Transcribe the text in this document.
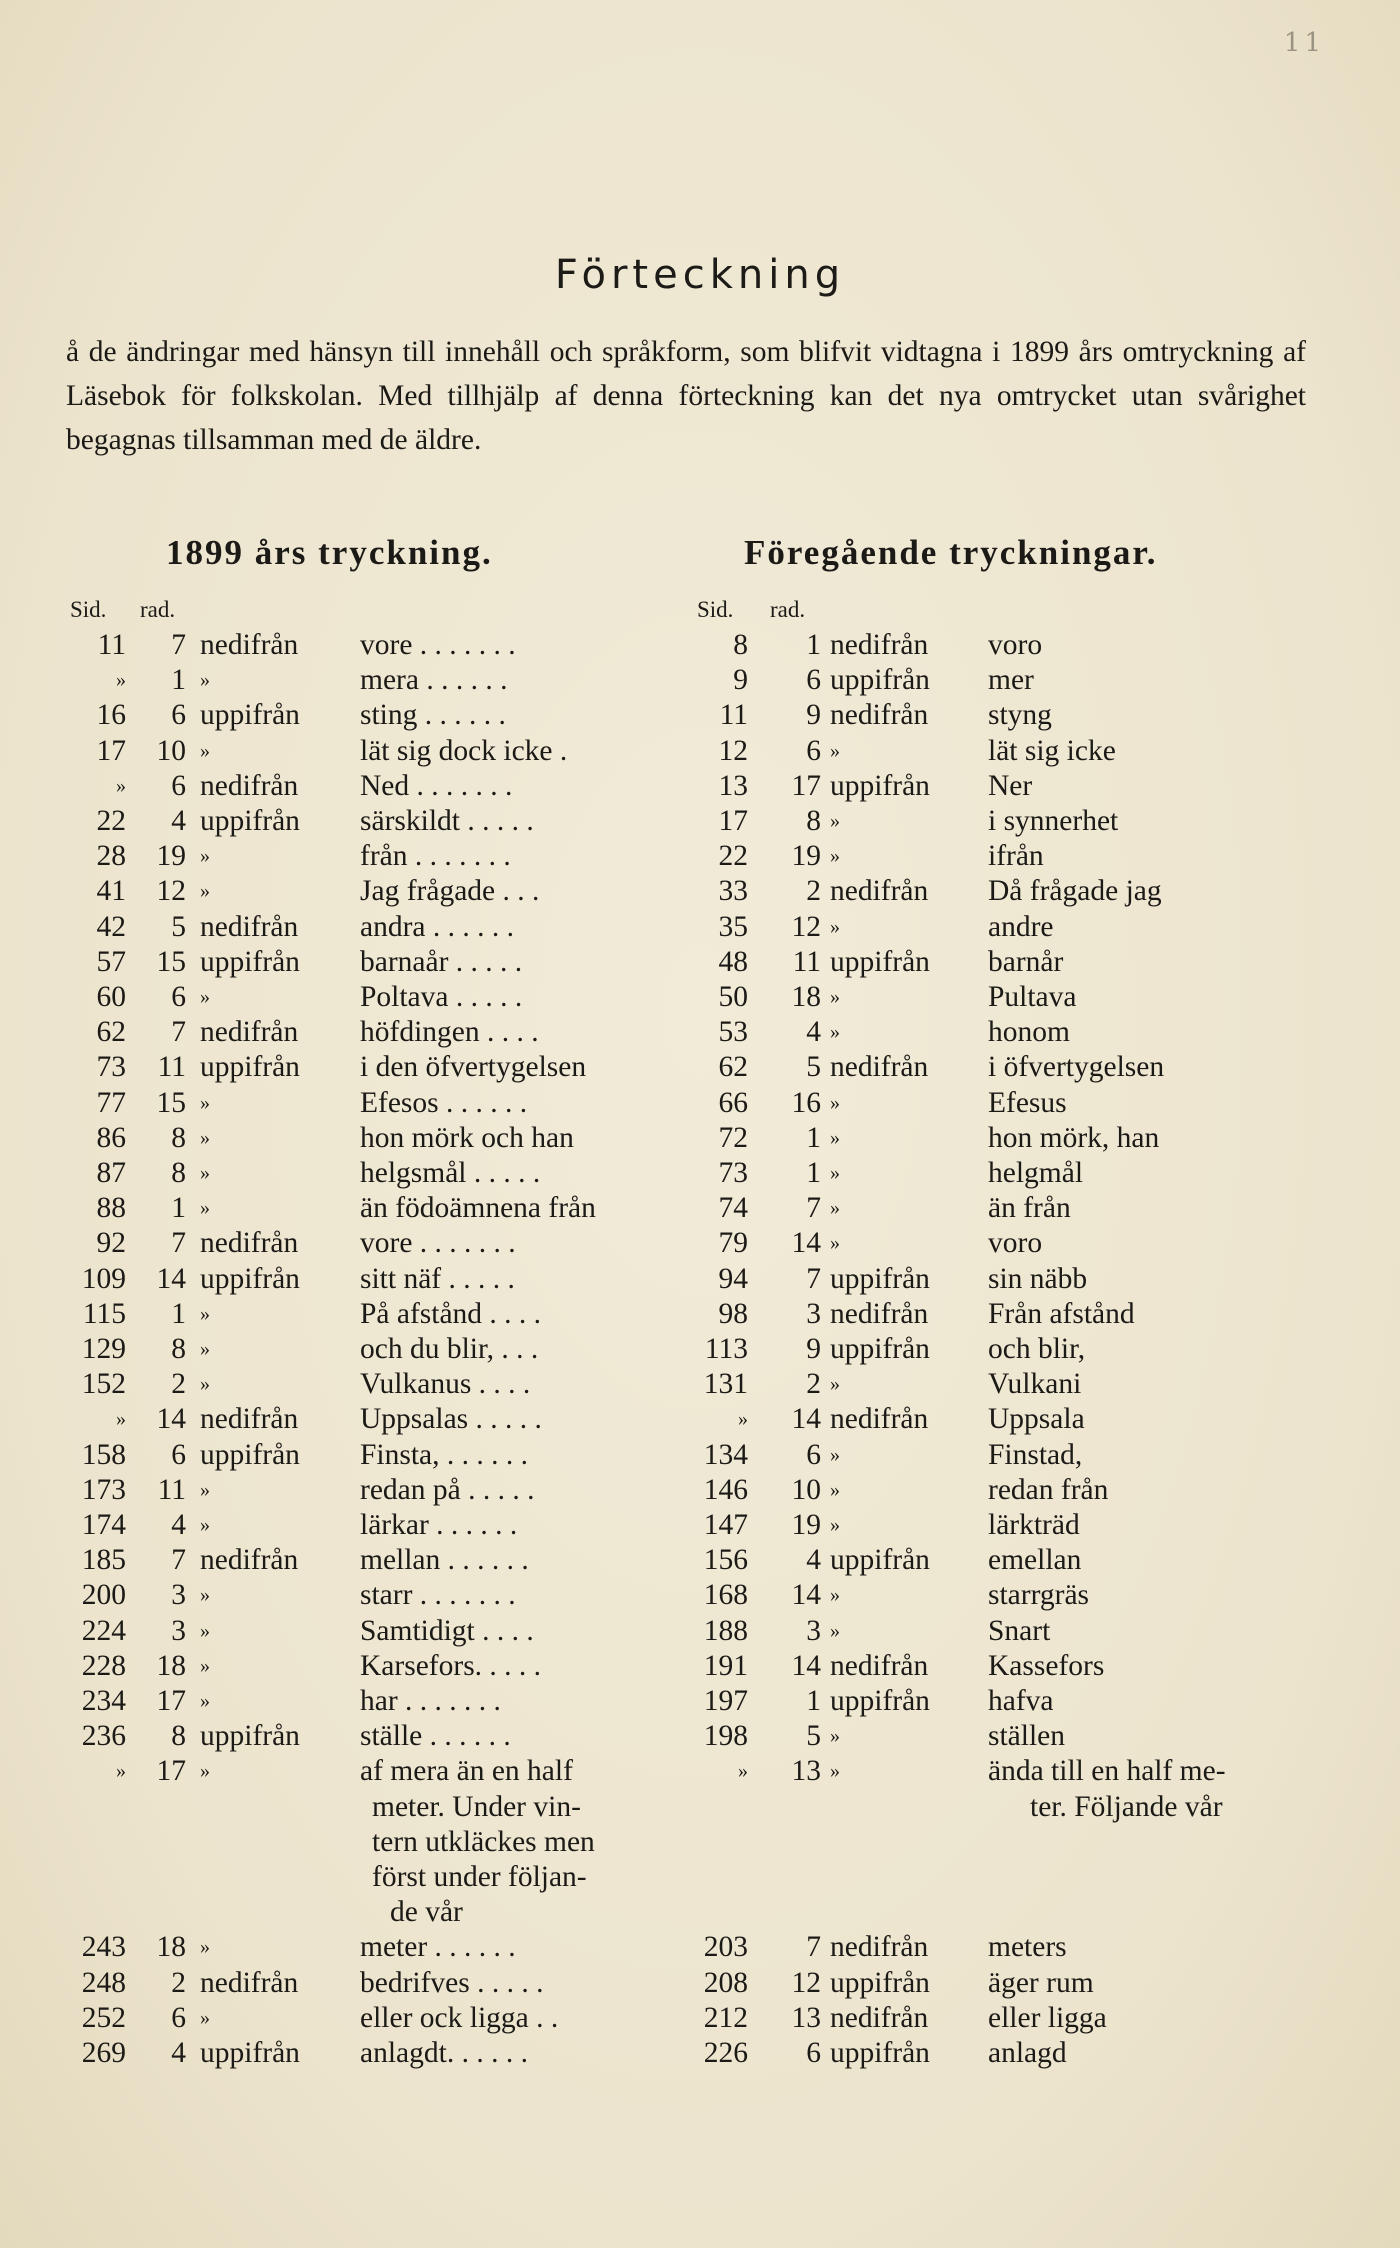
11
Förteckning

å de ändringar med hänsyn till innehåll och språkform, som blifvit vidtagna i 1899 års omtryckning af Läsebok för folkskolan. Med tillhjälp af denna förteckning kan det nya omtrycket utan svårighet begagnas tillsamman med de äldre.

1899 års tryckning.	Föregående tryckningar.
Sid. rad.	Sid. rad.
11	7 nedifrån	vore . . . . . . .	8	1 nedifrån	voro
»	1 »	mera . . . . . .	9	6 uppifrån	mer
16	6 uppifrån	sting . . . . . .	11	9 nedifrån	styng
17	10 »	lät sig dock icke .	12	6 »	lät sig icke
»	6 nedifrån	Ned . . . . . . .	13	17 uppifrån	Ner
22	4 uppifrån	särskildt . . . . .	17	8 »	i synnerhet
28	19 »	från . . . . . . .	22	19 »	ifrån
41	12 »	Jag frågade . . .	33	2 nedifrån	Då frågade jag
42	5 nedifrån	andra . . . . . .	35	12 »	andre
57	15 uppifrån	barnaår . . . . .	48	11 uppifrån	barnår
60	6 »	Poltava . . . . .	50	18 »	Pultava
62	7 nedifrån	höfdingen . . . .	53	4 »	honom
73	11 uppifrån	i den öfvertygelsen	62	5 nedifrån	i öfvertygelsen
77	15 »	Efesos . . . . . .	66	16 »	Efesus
86	8 »	hon mörk och han	72	1 »	hon mörk, han
87	8 »	helgsmål . . . . .	73	1 »	helgmål
88	1 »	än födoämnena från	74	7 »	än från
92	7 nedifrån	vore . . . . . . .	79	14 »	voro
109	14 uppifrån	sitt näf . . . . .	94	7 uppifrån	sin näbb
115	1 »	På afstånd . . . .	98	3 nedifrån	Från afstånd
129	8 »	och du blir, . . .	113	9 uppifrån	och blir,
152	2 »	Vulkanus . . . .	131	2 »	Vulkani
»	14 nedifrån	Uppsalas . . . . .	»	14 nedifrån	Uppsala
158	6 uppifrån	Finsta, . . . . . .	134	6 »	Finstad,
173	11 »	redan på . . . . .	146	10 »	redan från
174	4 »	lärkar . . . . . .	147	19 »	lärkträd
185	7 nedifrån	mellan . . . . . .	156	4 uppifrån	emellan
200	3 »	starr . . . . . . .	168	14 »	starrgräs
224	3 »	Samtidigt . . . .	188	3 »	Snart
228	18 »	Karsefors. . . . .	191	14 nedifrån	Kassefors
234	17 »	har . . . . . . .	197	1 uppifrån	hafva
236	8 uppifrån	ställe . . . . . .	198	5 »	ställen
»	17 »	af mera än en half	»	13 »	ända till en half me-
meter. Under vin-	ter. Följande vår
tern utkläckes men
först under följan-
de vår
243	18 »	meter . . . . . .	203	7 nedifrån	meters
248	2 nedifrån	bedrifves . . . . .	208	12 uppifrån	äger rum
252	6 »	eller ock ligga . .	212	13 nedifrån	eller ligga
269	4 uppifrån	anlagdt. . . . . .	226	6 uppifrån	anlagd
